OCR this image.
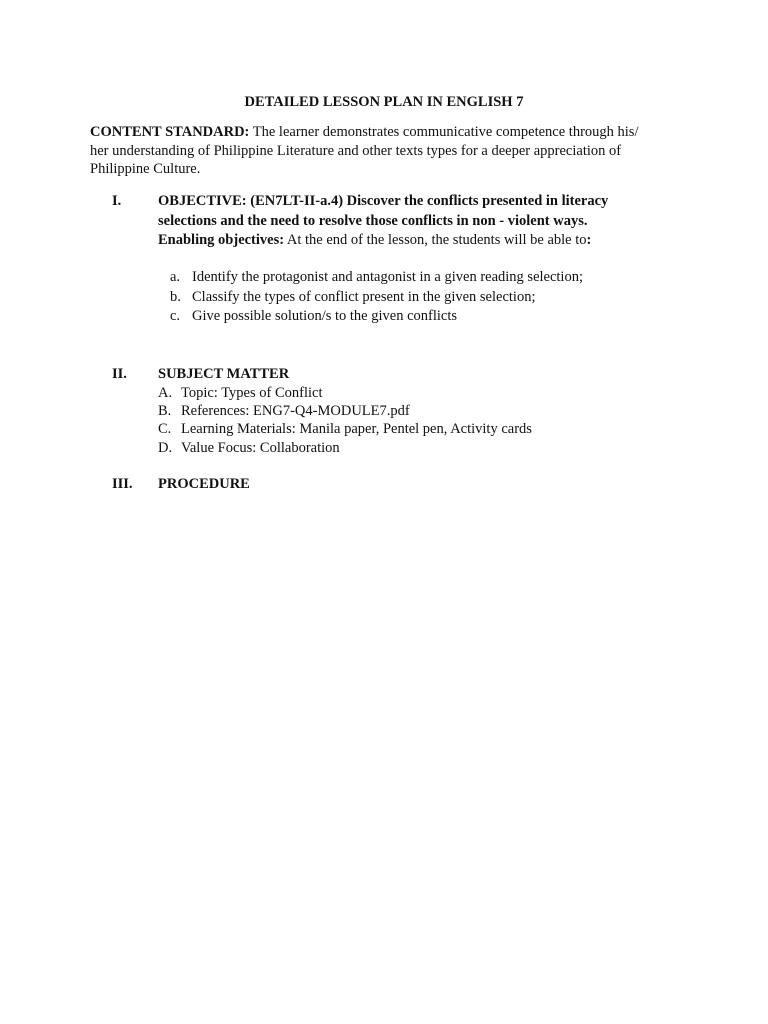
DETAILED LESSON PLAN IN ENGLISH 7
CONTENT STANDARD: The learner demonstrates communicative competence through his/ her understanding of Philippine Literature and other texts types for a deeper appreciation of Philippine Culture.
I.	OBJECTIVE: (EN7LT-II-a.4) Discover the conflicts presented in literacy selections and the need to resolve those conflicts in non - violent ways.
Enabling objectives: At the end of the lesson, the students will be able to:
a. Identify the protagonist and antagonist in a given reading selection;
b. Classify the types of conflict present in the given selection;
c. Give possible solution/s to the given conflicts
II.	SUBJECT MATTER
A. Topic: Types of Conflict
B. References: ENG7-Q4-MODULE7.pdf
C. Learning Materials: Manila paper, Pentel pen, Activity cards
D. Value Focus: Collaboration
III.	PROCEDURE
